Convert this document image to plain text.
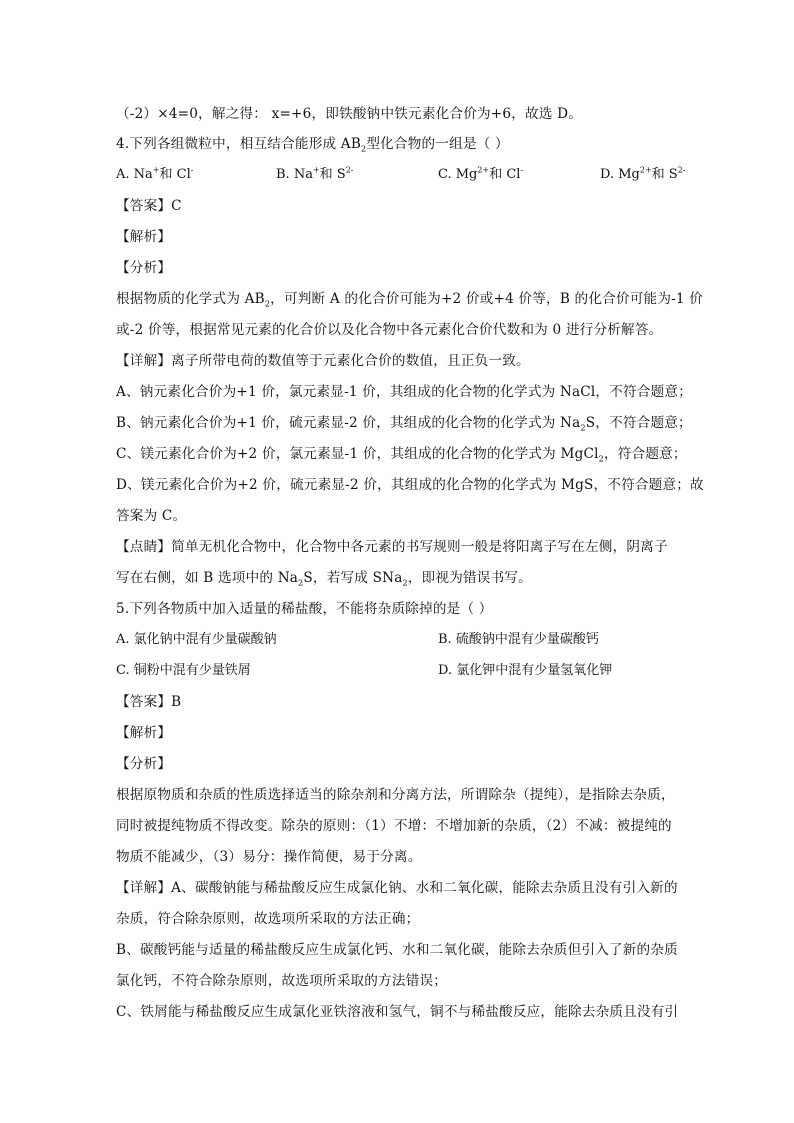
（-2）×4=0，解之得： x=+6，即铁酸钠中铁元素化合价为+6，故选 D。
4.下列各组微粒中，相互结合能形成 $AB_2$型化合物的一组是（ ）
A. Na+和 Cl-	B. Na+和 $S^{2-}$	C. $Mg^{2+}$和 Cl-	D. $Mg^{2+}$和 $S^{2-}$
【答案】C
【解析】
【分析】
根据物质的化学式为 $AB_2$，可判断 A 的化合价可能为+2 价或+4 价等，B 的化合价可能为-1 价
或-2 价等，根据常见元素的化合价以及化合物中各元素化合价代数和为 0 进行分析解答。
【详解】离子所带电荷的数值等于元素化合价的数值，且正负一致。
A、钠元素化合价为+1 价，氯元素显-1 价，其组成的化合物的化学式为 NaCl，不符合题意；
B、钠元素化合价为+1 价，硫元素显-2 价，其组成的化合物的化学式为 $Na_2S$，不符合题意；
C、镁元素化合价为+2 价，氯元素显-1 价，其组成的化合物的化学式为 MgCl$_2$，符合题意；
D、镁元素化合价为+2 价，硫元素显-2 价，其组成的化合物的化学式为 MgS，不符合题意；故
答案为 C。
【点睛】简单无机化合物中，化合物中各元素的书写规则一般是将阳离子写在左侧，阴离子
写在右侧，如 B 选项中的 $Na_2S$，若写成 SNa$_2$，即视为错误书写。
5.下列各物质中加入适量的稀盐酸，不能将杂质除掉的是（ ）
A. 氯化钠中混有少量碳酸钠	B. 硫酸钠中混有少量碳酸钙
C. 铜粉中混有少量铁屑	D. 氯化钾中混有少量氢氧化钾
【答案】B
【解析】
【分析】
根据原物质和杂质的性质选择适当的除杂剂和分离方法，所谓除杂（提纯），是指除去杂质，
同时被提纯物质不得改变。除杂的原则：（1）不增：不增加新的杂质，（2）不减：被提纯的
物质不能减少，（3）易分：操作简便，易于分离。
【详解】A、碳酸钠能与稀盐酸反应生成氯化钠、水和二氧化碳，能除去杂质且没有引入新的
杂质，符合除杂原则，故选项所采取的方法正确；
B、碳酸钙能与适量的稀盐酸反应生成氯化钙、水和二氧化碳，能除去杂质但引入了新的杂质
氯化钙，不符合除杂原则，故选项所采取的方法错误；
C、铁屑能与稀盐酸反应生成氯化亚铁溶液和氢气，铜不与稀盐酸反应，能除去杂质且没有引
